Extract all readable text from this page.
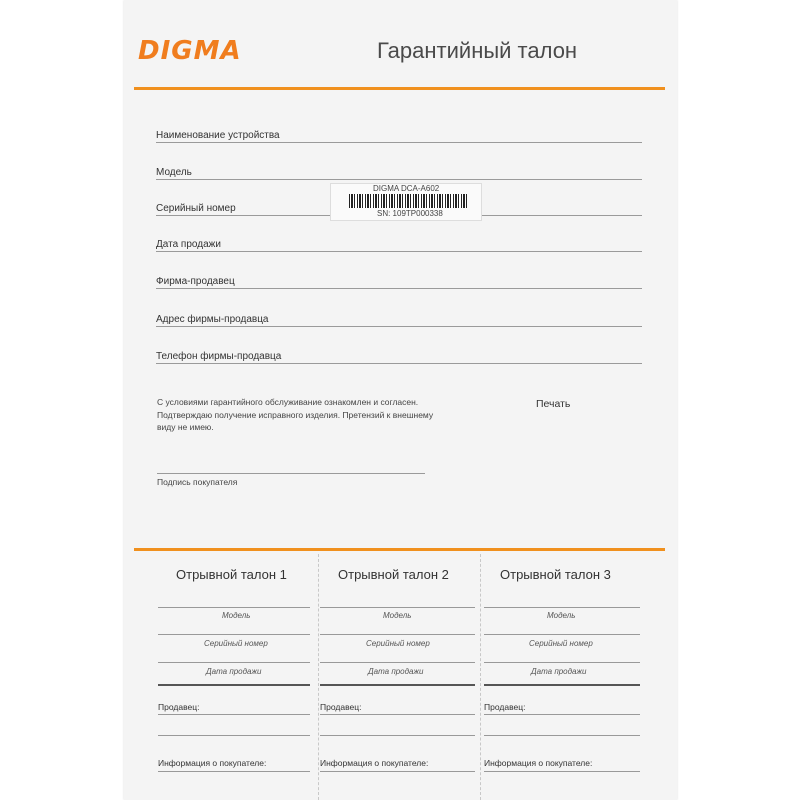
DIGMA	Гарантийный талон
Наименование устройства
Модель
Серийный номер
Дата продажи
Фирма-продавец
Адрес фирмы-продавца
Телефон фирмы-продавца
DIGMA DCA-A602
SN: 109TP000338
С условиями гарантийного обслуживание ознакомлен и согласен. Подтверждаю получение исправного изделия. Претензий к внешнему виду не имею.
Печать
Подпись покупателя
Отрывной талон 1
Модель
Серийный номер
Дата продажи
Продавец:
Информация о покупателе:
Отрывной талон 2
Модель
Серийный номер
Дата продажи
Продавец:
Информация о покупателе:
Отрывной талон 3
Модель
Серийный номер
Дата продажи
Продавец:
Информация о покупателе:
